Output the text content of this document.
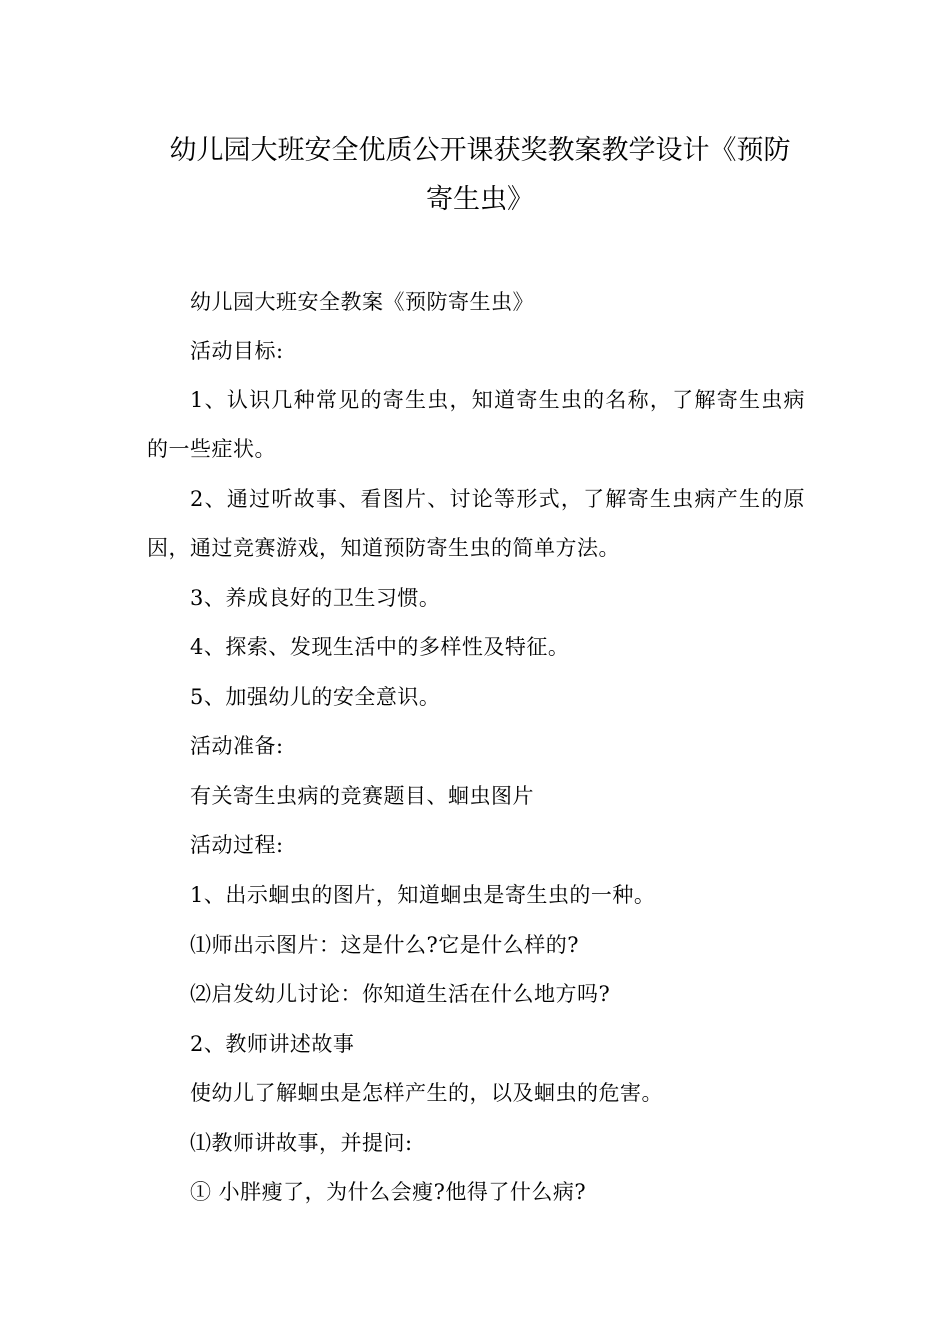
幼儿园大班安全优质公开课获奖教案教学设计《预防
寄生虫》
幼儿园大班安全教案《预防寄生虫》
活动目标:
1、认识几种常见的寄生虫，知道寄生虫的名称，了解寄生虫病
的一些症状。
2、通过听故事、看图片、讨论等形式，了解寄生虫病产生的原
因，通过竞赛游戏，知道预防寄生虫的简单方法。
3、养成良好的卫生习惯。
4、探索、发现生活中的多样性及特征。
5、加强幼儿的安全意识。
活动准备:
有关寄生虫病的竞赛题目、蛔虫图片
活动过程:
1、出示蛔虫的图片，知道蛔虫是寄生虫的一种。
⑴师出示图片：这是什么?它是什么样的?
⑵启发幼儿讨论：你知道生活在什么地方吗?
2、教师讲述故事
使幼儿了解蛔虫是怎样产生的，以及蛔虫的危害。
⑴教师讲故事，并提问:
① 小胖瘦了，为什么会瘦?他得了什么病?
